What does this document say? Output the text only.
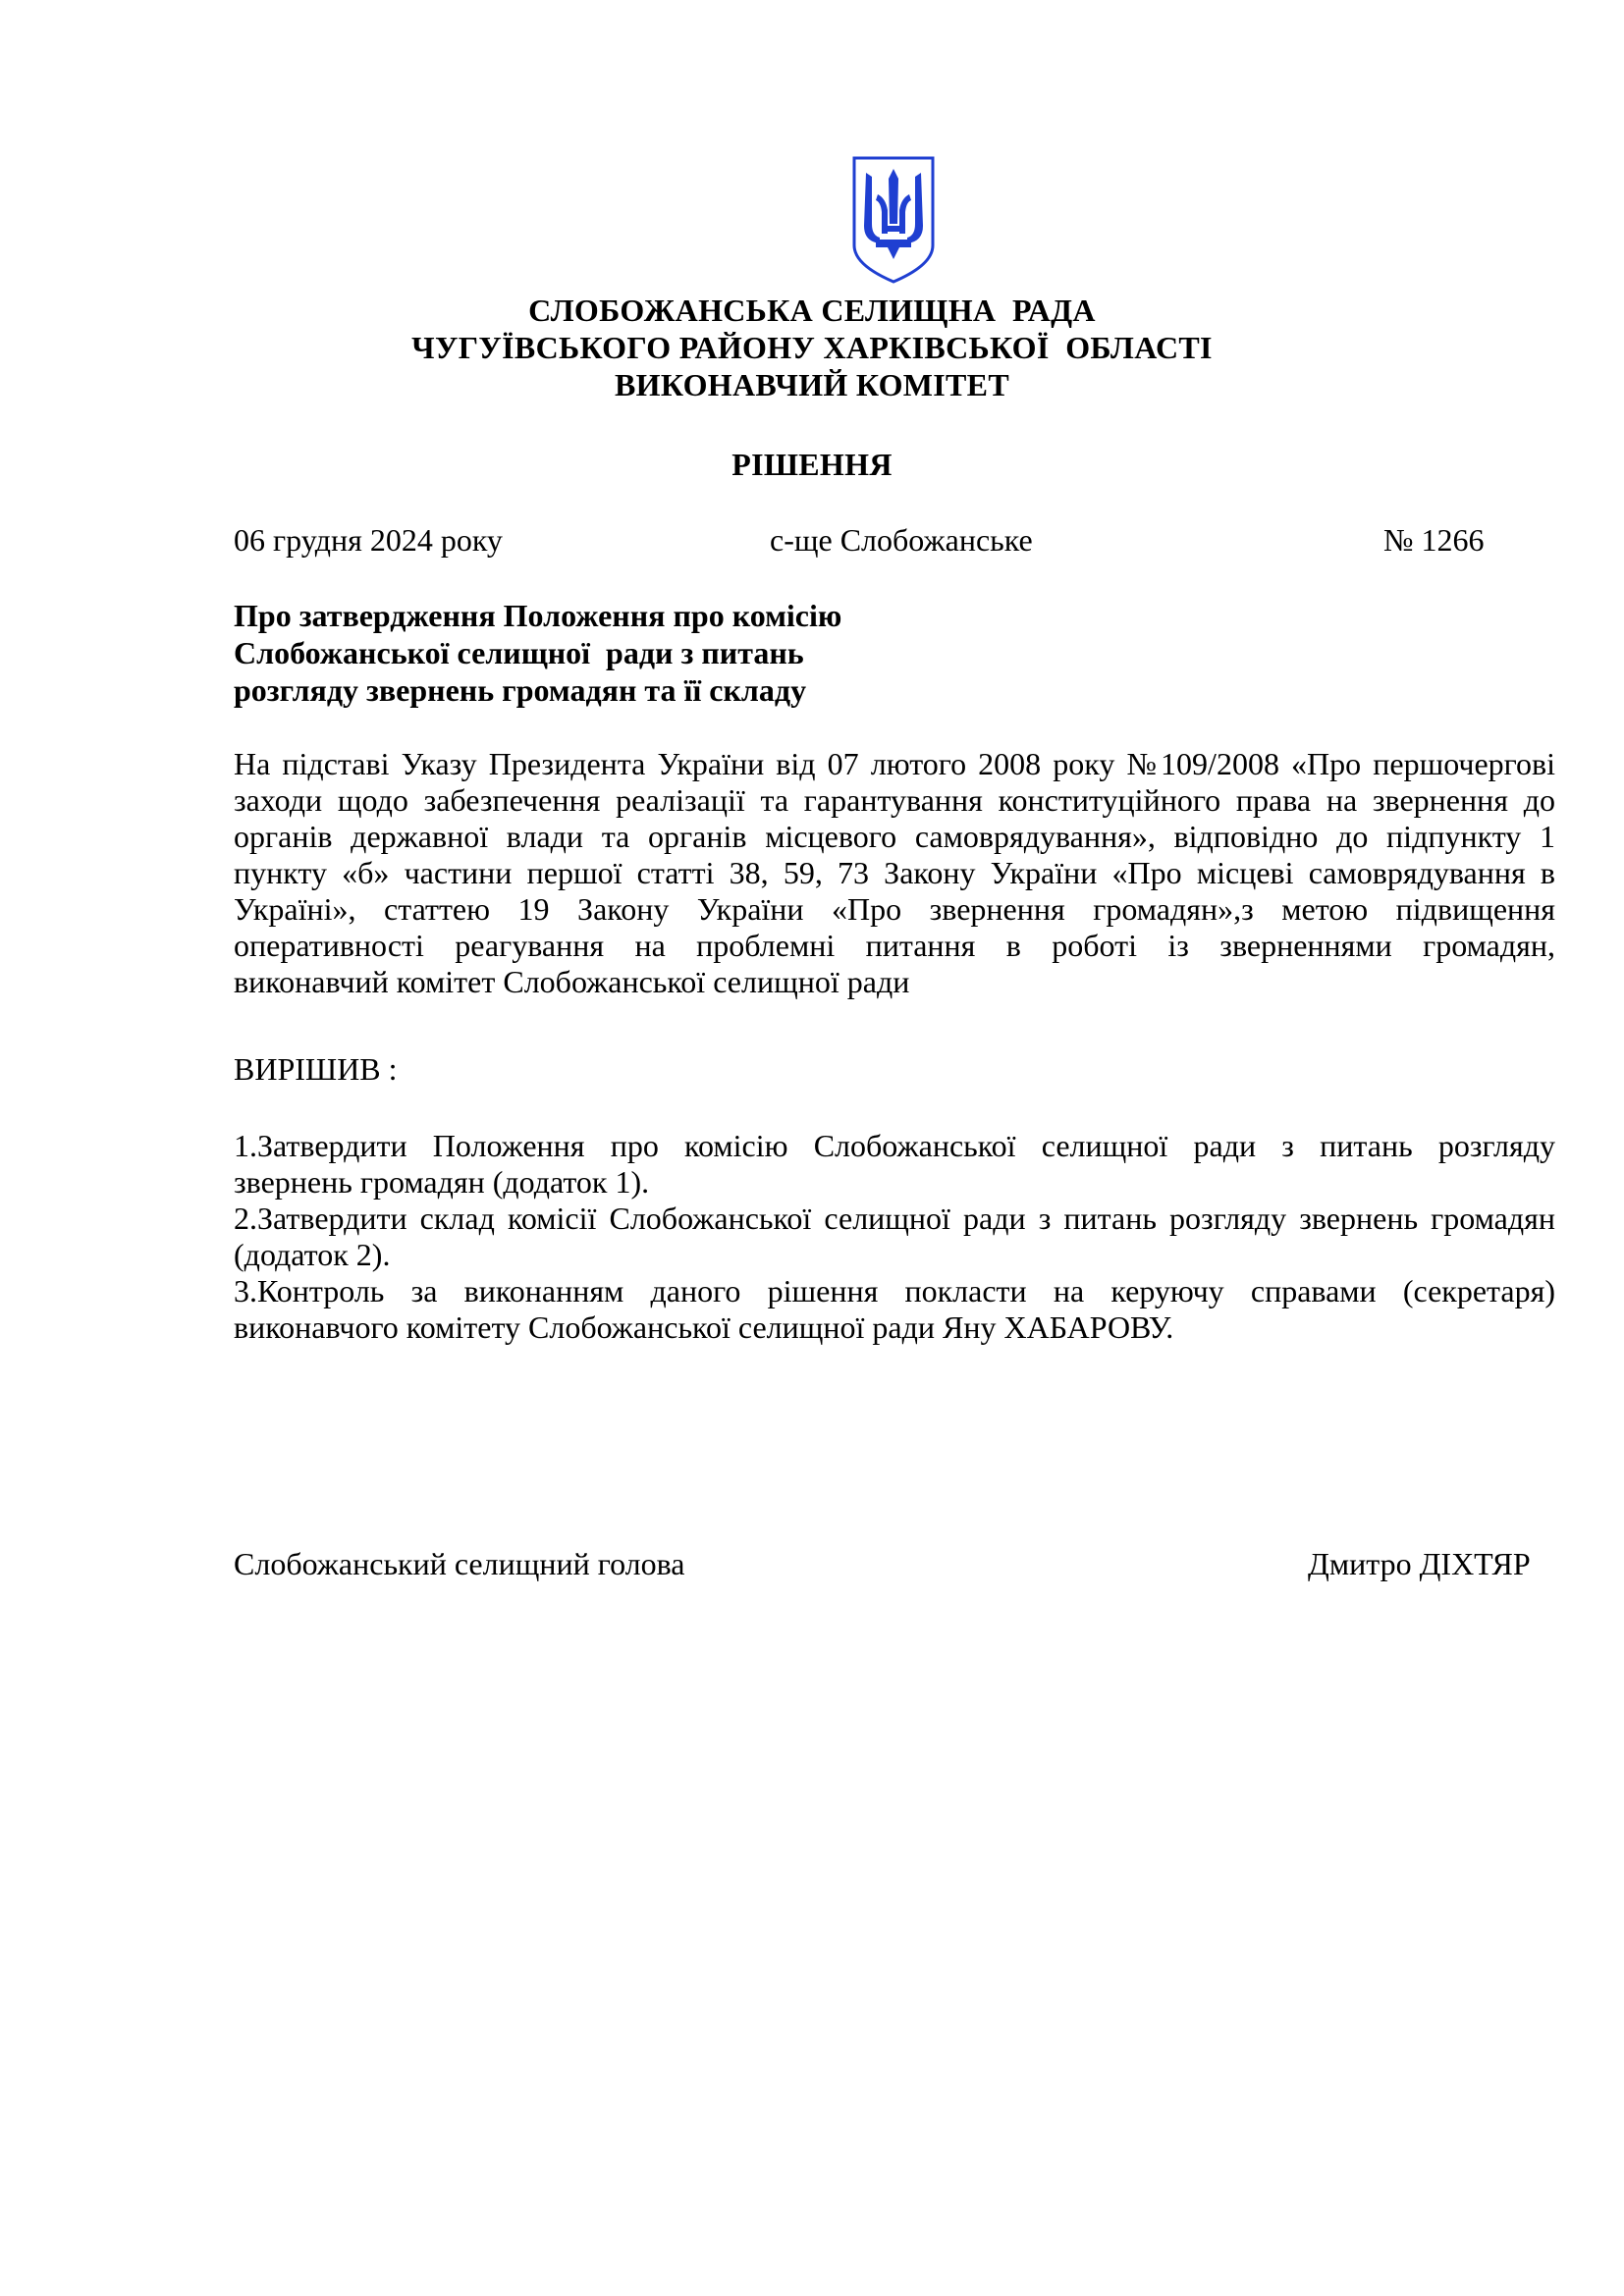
СЛОБОЖАНСЬКА СЕЛИЩНА  РАДА
ЧУГУЇВСЬКОГО РАЙОНУ ХАРКІВСЬКОЇ  ОБЛАСТІ
ВИКОНАВЧИЙ КОМІТЕТ
РІШЕННЯ
06 грудня 2024 року	с-ще Слобожанське	№ 1266
Про затвердження Положення про комісію
Слобожанської селищної  ради з питань
розгляду звернень громадян та її складу
На підставі Указу Президента України від 07 лютого 2008 року №109/2008 «Про першочергові
заходи щодо забезпечення реалізації та гарантування конституційного права на звернення до
органів державної влади та органів місцевого самоврядування», відповідно до підпункту 1
пункту «б» частини першої статті 38, 59, 73 Закону України «Про місцеві самоврядування в
Україні», статтею 19 Закону України «Про звернення громадян»,з метою підвищення
оперативності реагування на проблемні питання в роботі із зверненнями громадян,
виконавчий комітет Слобожанської селищної ради
ВИРІШИВ :
1.Затвердити Положення про комісію Слобожанської селищної ради з питань розгляду
звернень громадян (додаток 1).
2.Затвердити склад комісії Слобожанської селищної ради з питань розгляду звернень громадян
(додаток 2).
3.Контроль за виконанням даного рішення покласти на керуючу справами (секретаря)
виконавчого комітету Слобожанської селищної ради Яну ХАБАРОВУ.
Слобожанський селищний голова	Дмитро ДІХТЯР
